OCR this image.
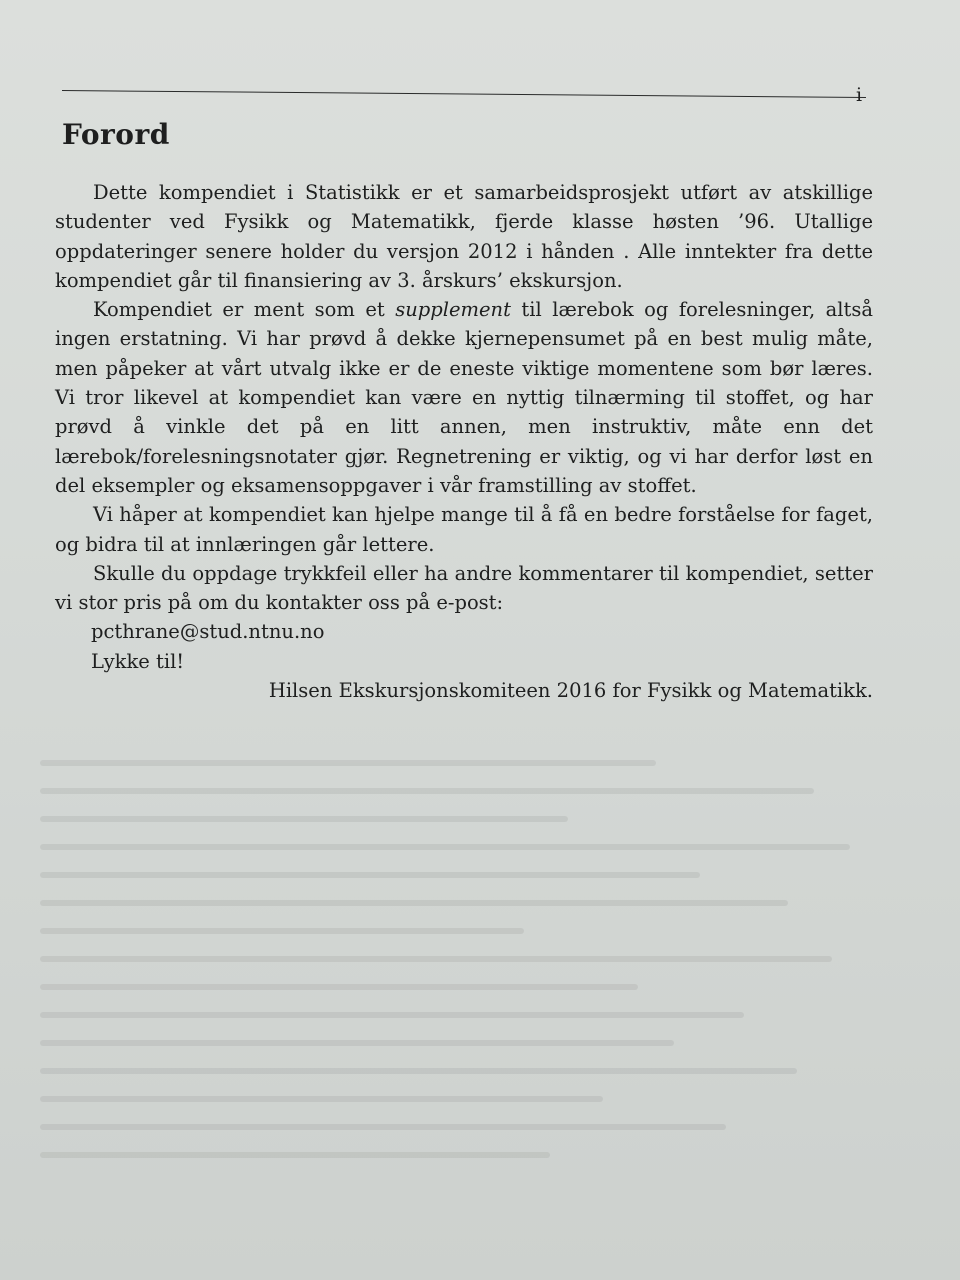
i
Forord

Dette kompendiet i Statistikk er et samarbeidsprosjekt utført av atskillige studenter ved Fysikk og Matematikk, fjerde klasse høsten ’96. Utallige oppdateringer senere holder du versjon 2012 i hånden . Alle inntekter fra dette kompendiet går til finansiering av 3. årskurs’ ekskursjon.

Kompendiet er ment som et supplement til lærebok og forelesninger, altså ingen erstatning. Vi har prøvd å dekke kjernepensumet på en best mulig måte, men påpeker at vårt utvalg ikke er de eneste viktige momentene som bør læres. Vi tror likevel at kompendiet kan være en nyttig tilnærming til stoffet, og har prøvd å vinkle det på en litt annen, men instruktiv, måte enn det lærebok/forelesningsnotater gjør. Regnetrening er viktig, og vi har derfor løst en del eksempler og eksamensoppgaver i vår framstilling av stoffet.

Vi håper at kompendiet kan hjelpe mange til å få en bedre forståelse for faget, og bidra til at innlæringen går lettere.

Skulle du oppdage trykkfeil eller ha andre kommentarer til kompendiet, setter vi stor pris på om du kontakter oss på e-post:

pcthrane@stud.ntnu.no
Lykke til!

Hilsen Ekskursjonskomiteen 2016 for Fysikk og Matematikk.
